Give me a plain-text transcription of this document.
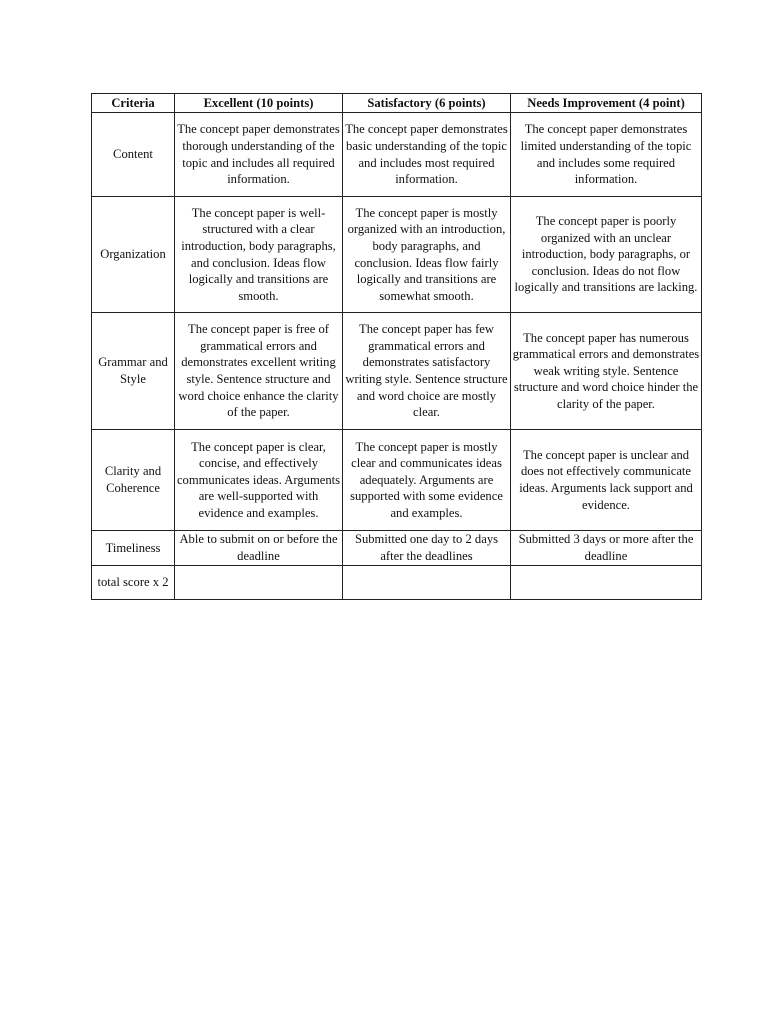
Criteria	Excellent (10 points)	Satisfactory (6 points)	Needs Improvement (4 point)
Content	The concept paper demonstrates thorough understanding of the topic and includes all required information.	The concept paper demonstrates basic understanding of the topic and includes most required information.	The concept paper demonstrates limited understanding of the topic and includes some required information.
Organization	The concept paper is well-structured with a clear introduction, body paragraphs, and conclusion. Ideas flow logically and transitions are smooth.	The concept paper is mostly organized with an introduction, body paragraphs, and conclusion. Ideas flow fairly logically and transitions are somewhat smooth.	The concept paper is poorly organized with an unclear introduction, body paragraphs, or conclusion. Ideas do not flow logically and transitions are lacking.
Grammar and Style	The concept paper is free of grammatical errors and demonstrates excellent writing style. Sentence structure and word choice enhance the clarity of the paper.	The concept paper has few grammatical errors and demonstrates satisfactory writing style. Sentence structure and word choice are mostly clear.	The concept paper has numerous grammatical errors and demonstrates weak writing style. Sentence structure and word choice hinder the clarity of the paper.
Clarity and Coherence	The concept paper is clear, concise, and effectively communicates ideas. Arguments are well-supported with evidence and examples.	The concept paper is mostly clear and communicates ideas adequately. Arguments are supported with some evidence and examples.	The concept paper is unclear and does not effectively communicate ideas. Arguments lack support and evidence.
Timeliness	Able to submit on or before the deadline	Submitted one day to 2 days after the deadlines	Submitted 3 days or more after the deadline
total score x 2			
